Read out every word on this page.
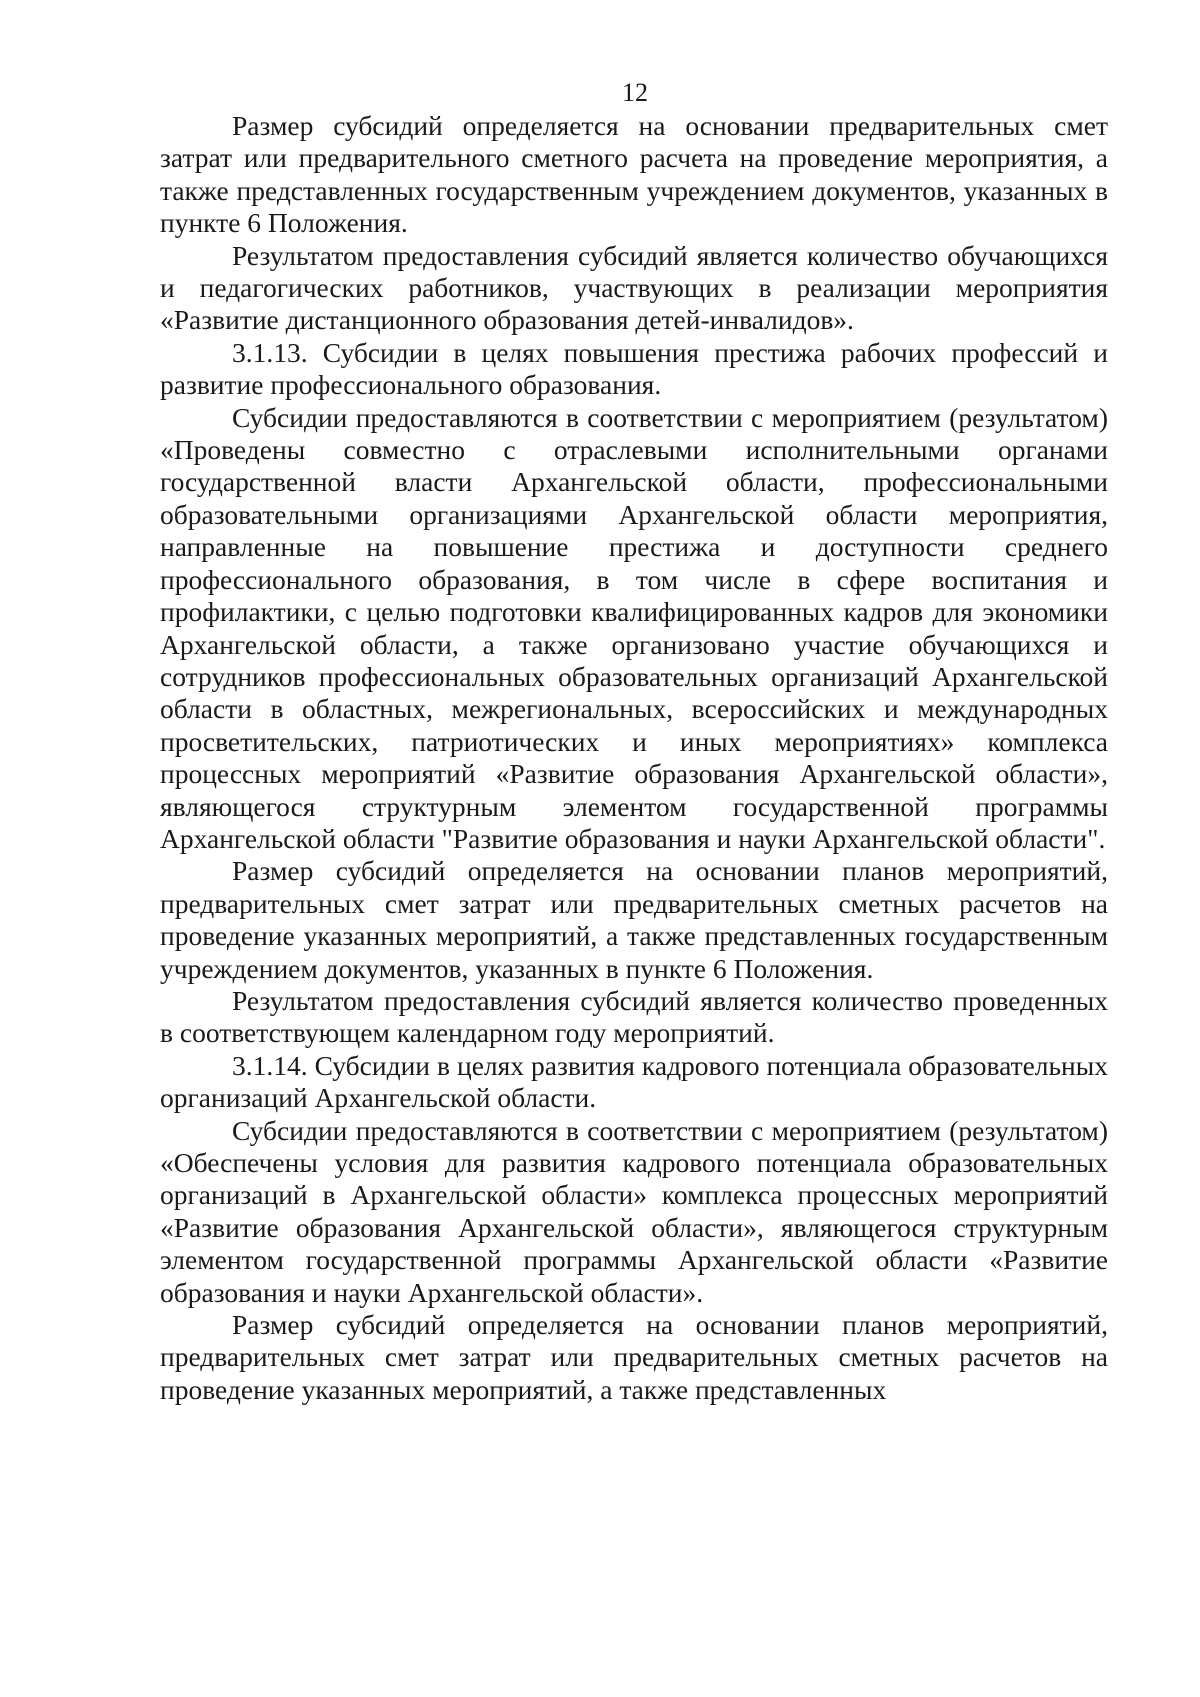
12

Размер субсидий определяется на основании предварительных смет затрат или предварительного сметного расчета на проведение мероприятия, а также представленных государственным учреждением документов, указанных в пункте 6 Положения.

Результатом предоставления субсидий является количество обучающихся и педагогических работников, участвующих в реализации мероприятия «Развитие дистанционного образования детей-инвалидов».

3.1.13. Субсидии в целях повышения престижа рабочих профессий и развитие профессионального образования.

Субсидии предоставляются в соответствии с мероприятием (результатом) «Проведены совместно с отраслевыми исполнительными органами государственной власти Архангельской области, профессиональными образовательными организациями Архангельской области мероприятия, направленные на повышение престижа и доступности среднего профессионального образования, в том числе в сфере воспитания и профилактики, с целью подготовки квалифицированных кадров для экономики Архангельской области, а также организовано участие обучающихся и сотрудников профессиональных образовательных организаций Архангельской области в областных, межрегиональных, всероссийских и международных просветительских, патриотических и иных мероприятиях» комплекса процессных мероприятий «Развитие образования Архангельской области», являющегося структурным элементом государственной программы Архангельской области "Развитие образования и науки Архангельской области".

Размер субсидий определяется на основании планов мероприятий, предварительных смет затрат или предварительных сметных расчетов на проведение указанных мероприятий, а также представленных государственным учреждением документов, указанных в пункте 6 Положения.

Результатом предоставления субсидий является количество проведенных в соответствующем календарном году мероприятий.

3.1.14. Субсидии в целях развития кадрового потенциала образовательных организаций Архангельской области.

Субсидии предоставляются в соответствии с мероприятием (результатом) «Обеспечены условия для развития кадрового потенциала образовательных организаций в Архангельской области» комплекса процессных мероприятий «Развитие образования Архангельской области», являющегося структурным элементом государственной программы Архангельской области «Развитие образования и науки Архангельской области».

Размер субсидий определяется на основании планов мероприятий, предварительных смет затрат или предварительных сметных расчетов на проведение указанных мероприятий, а также представленных
